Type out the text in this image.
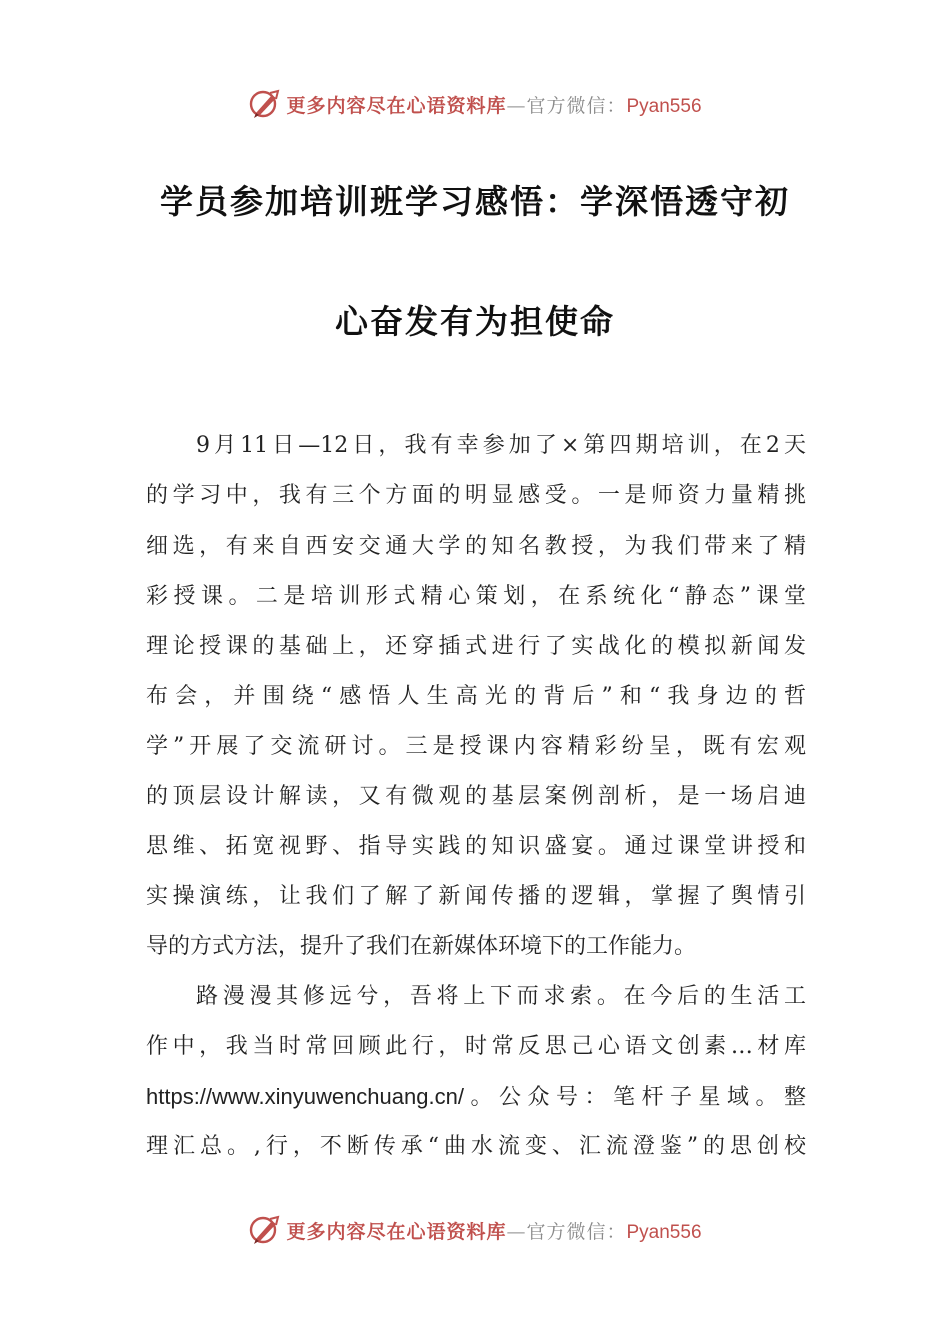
更多内容尽在心语资料库—官方微信：Pyan556
学员参加培训班学习感悟：学深悟透守初
心奋发有为担使命
9月11日—12日，我有幸参加了×第四期培训，在2天
的学习中，我有三个方面的明显感受。一是师资力量精挑
细选，有来自西安交通大学的知名教授，为我们带来了精
彩授课。二是培训形式精心策划，在系统化“静态”课堂
理论授课的基础上，还穿插式进行了实战化的模拟新闻发
布会，并围绕“感悟人生高光的背后”和“我身边的哲
学”开展了交流研讨。三是授课内容精彩纷呈，既有宏观
的顶层设计解读，又有微观的基层案例剖析，是一场启迪
思维、拓宽视野、指导实践的知识盛宴。通过课堂讲授和
实操演练，让我们了解了新闻传播的逻辑，掌握了舆情引
导的方式方法，提升了我们在新媒体环境下的工作能力。
路漫漫其修远兮，吾将上下而求索。在今后的生活工
作中，我当时常回顾此行，时常反思己心语文创素…材库
https://www.xinyuwenchuang.cn/。公众号：笔杆子星域。整
理汇总。,行，不断传承“曲水流变、汇流澄鉴”的思创校
更多内容尽在心语资料库—官方微信：Pyan556
